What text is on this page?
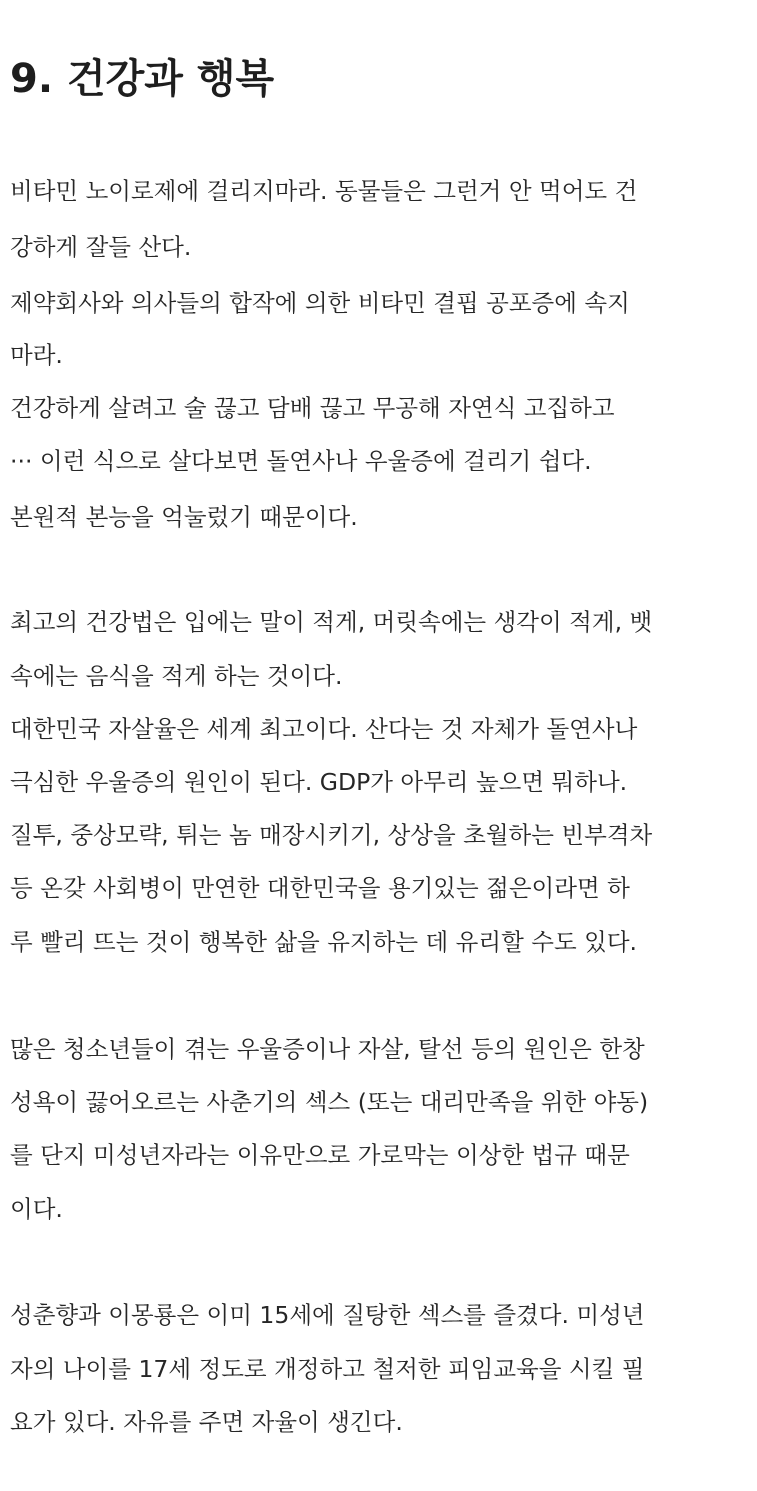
9. 건강과 행복

비타민 노이로제에 걸리지마라. 동물들은 그런거 안 먹어도 건

강하게 잘들 산다.

제약회사와 의사들의 합작에 의한 비타민 결핍 공포증에 속지

마라.

건강하게 살려고 술 끊고 담배 끊고 무공해 자연식 고집하고

··· 이런 식으로 살다보면 돌연사나 우울증에 걸리기 쉽다.

본원적 본능을 억눌렀기 때문이다.

최고의 건강법은 입에는 말이 적게, 머릿속에는 생각이 적게, 뱃

속에는 음식을 적게 하는 것이다.

대한민국 자살율은 세계 최고이다. 산다는 것 자체가 돌연사나

극심한 우울증의 원인이 된다. GDP가 아무리 높으면 뭐하나.

질투, 중상모략, 튀는 놈 매장시키기, 상상을 초월하는 빈부격차

등 온갖 사회병이 만연한 대한민국을 용기있는 젊은이라면 하

루 빨리 뜨는 것이 행복한 삶을 유지하는 데 유리할 수도 있다.

많은 청소년들이 겪는 우울증이나 자살, 탈선 등의 원인은 한창

성욕이 끓어오르는 사춘기의 섹스 (또는 대리만족을 위한 야동)

를 단지 미성년자라는 이유만으로 가로막는 이상한 법규 때문

이다.

성춘향과 이몽룡은 이미 15세에 질탕한 섹스를 즐겼다. 미성년

자의 나이를 17세 정도로 개정하고 철저한 피임교육을 시킬 필

요가 있다. 자유를 주면 자율이 생긴다.
